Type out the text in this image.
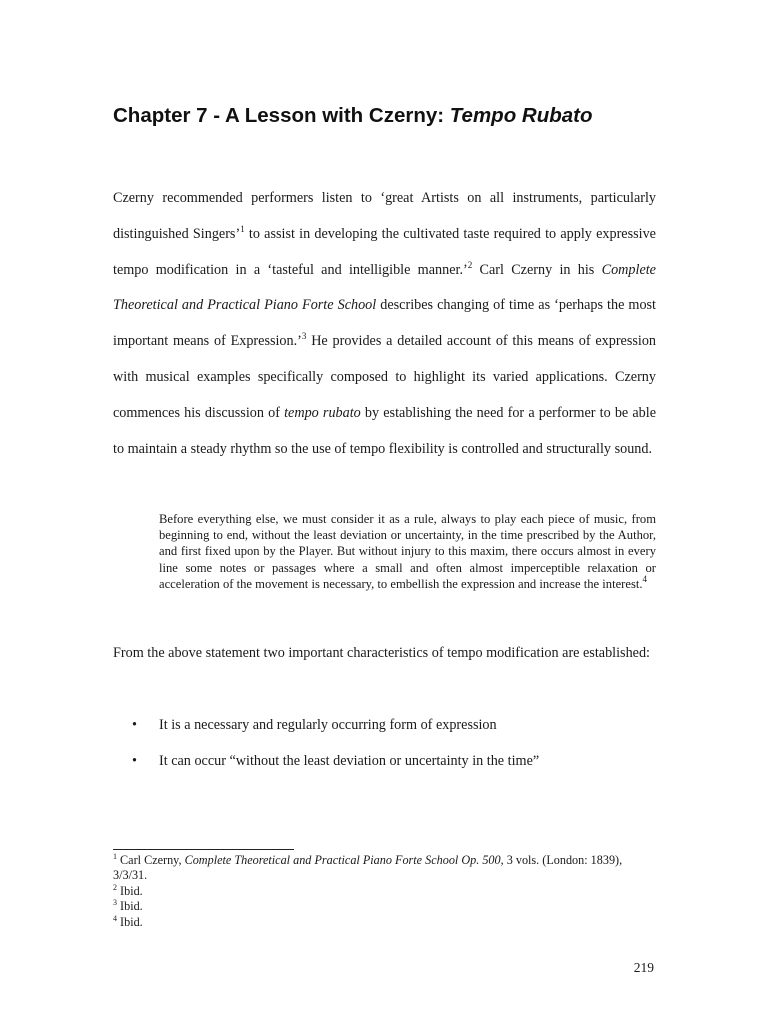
Chapter 7 - A Lesson with Czerny: Tempo Rubato

Czerny recommended performers listen to ‘great Artists on all instruments, particularly distinguished Singers’$^1$ to assist in developing the cultivated taste required to apply expressive tempo modification in a ‘tasteful and intelligible manner.’$^2$ Carl Czerny in his Complete Theoretical and Practical Piano Forte School describes changing of time as ‘perhaps the most important means of Expression.’$^3$ He provides a detailed account of this means of expression with musical examples specifically composed to highlight its varied applications. Czerny commences his discussion of tempo rubato by establishing the need for a performer to be able to maintain a steady rhythm so the use of tempo flexibility is controlled and structurally sound.

Before everything else, we must consider it as a rule, always to play each piece of music, from beginning to end, without the least deviation or uncertainty, in the time prescribed by the Author, and first fixed upon by the Player. But without injury to this maxim, there occurs almost in every line some notes or passages where a small and often almost imperceptible relaxation or acceleration of the movement is necessary, to embellish the expression and increase the interest.$^4$

From the above statement two important characteristics of tempo modification are established:

• It is a necessary and regularly occurring form of expression
• It can occur “without the least deviation or uncertainty in the time”

$^1$ Carl Czerny, Complete Theoretical and Practical Piano Forte School Op. 500, 3 vols. (London: 1839), 3/3/31.

$^2$ Ibid.

$^3$ Ibid.

$^4$ Ibid.

219
